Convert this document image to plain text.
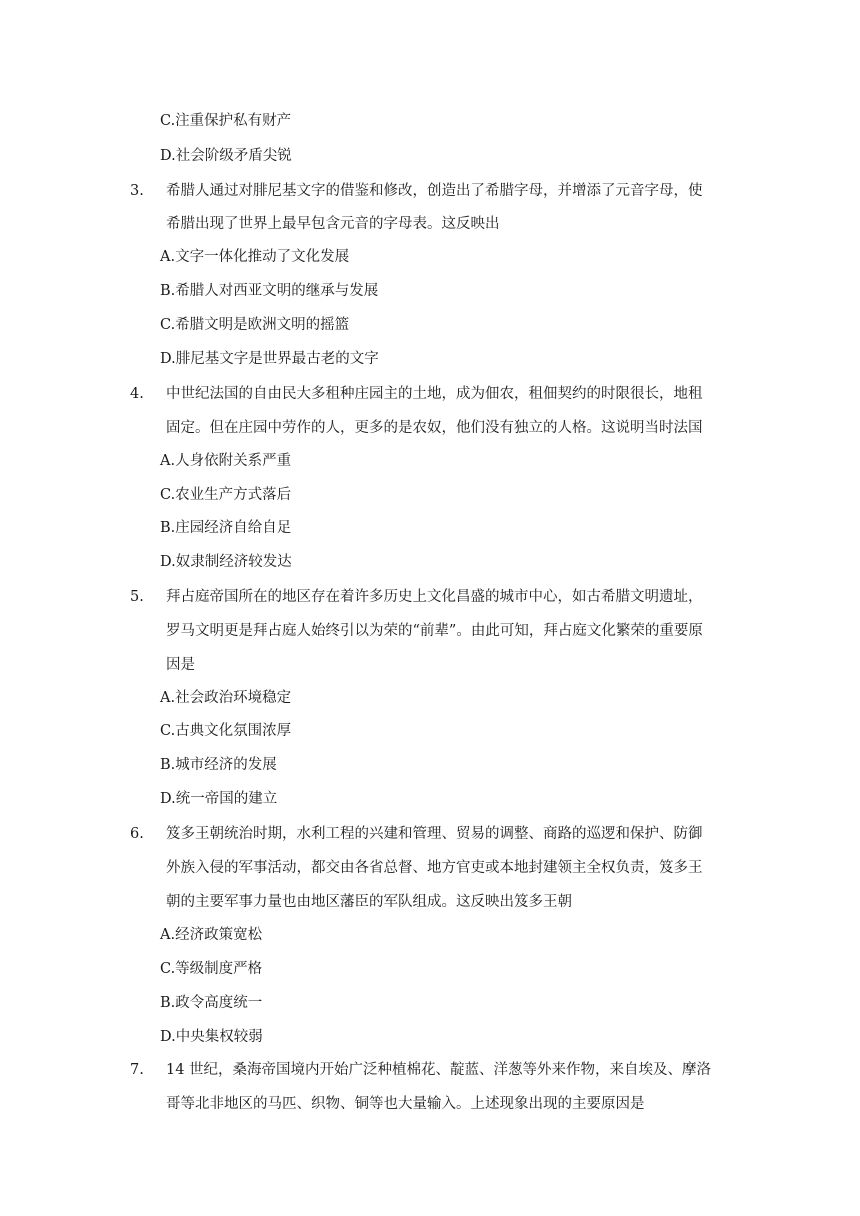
C.注重保护私有财产
D.社会阶级矛盾尖锐
3. 希腊人通过对腓尼基文字的借鉴和修改，创造出了希腊字母，并增添了元音字母，使
希腊出现了世界上最早包含元音的字母表。这反映出
A.文字一体化推动了文化发展
B.希腊人对西亚文明的继承与发展
C.希腊文明是欧洲文明的摇篮
D.腓尼基文字是世界最古老的文字
4. 中世纪法国的自由民大多租种庄园主的土地，成为佃农，租佃契约的时限很长，地租
固定。但在庄园中劳作的人，更多的是农奴，他们没有独立的人格。这说明当时法国
A.人身依附关系严重
C.农业生产方式落后
B.庄园经济自给自足
D.奴隶制经济较发达
5. 拜占庭帝国所在的地区存在着许多历史上文化昌盛的城市中心，如古希腊文明遗址，
罗马文明更是拜占庭人始终引以为荣的“前辈”。由此可知，拜占庭文化繁荣的重要原
因是
A.社会政治环境稳定
C.古典文化氛围浓厚
B.城市经济的发展
D.统一帝国的建立
6. 笈多王朝统治时期，水利工程的兴建和管理、贸易的调整、商路的巡逻和保护、防御
外族入侵的军事活动，都交由各省总督、地方官吏或本地封建领主全权负责，笈多王
朝的主要军事力量也由地区藩臣的军队组成。这反映出笈多王朝
A.经济政策宽松
C.等级制度严格
B.政令高度统一
D.中央集权较弱
7. 14 世纪，桑海帝国境内开始广泛种植棉花、靛蓝、洋葱等外来作物，来自埃及、摩洛
哥等北非地区的马匹、织物、铜等也大量输入。上述现象出现的主要原因是
